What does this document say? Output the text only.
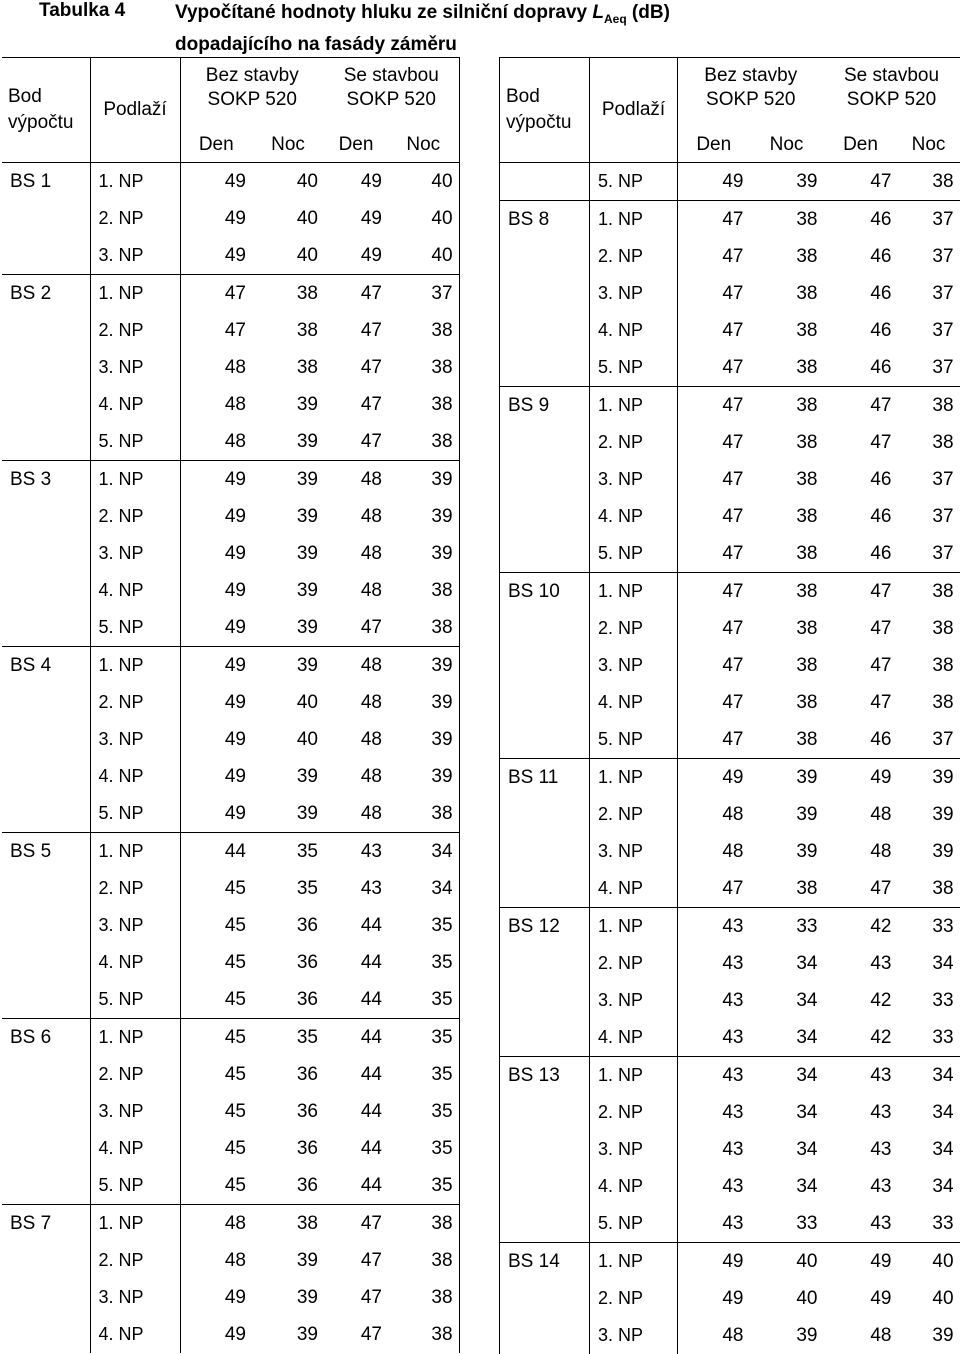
Tabulka 4	Vypočítané hodnoty hluku ze silniční dopravy $L_{Aeq}$ (dB)
dopadajícího na fasády záměru
Bod
výpočtu	Podlaží	Bez stavby
SOKP 520		Se stavbou
SOKP 520	
		Den	Noc	Den	Noc
BS 1	1. NP	49	40	49	40
	2. NP	49	40	49	40
	3. NP	49	40	49	40
BS 2	1. NP	47	38	47	37
	2. NP	47	38	47	38
	3. NP	48	38	47	38
	4. NP	48	39	47	38
	5. NP	48	39	47	38
BS 3	1. NP	49	39	48	39
	2. NP	49	39	48	39
	3. NP	49	39	48	39
	4. NP	49	39	48	38
	5. NP	49	39	47	38
BS 4	1. NP	49	39	48	39
	2. NP	49	40	48	39
	3. NP	49	40	48	39
	4. NP	49	39	48	39
	5. NP	49	39	48	38
BS 5	1. NP	44	35	43	34
	2. NP	45	35	43	34
	3. NP	45	36	44	35
	4. NP	45	36	44	35
	5. NP	45	36	44	35
BS 6	1. NP	45	35	44	35
	2. NP	45	36	44	35
	3. NP	45	36	44	35
	4. NP	45	36	44	35
	5. NP	45	36	44	35
BS 7	1. NP	48	38	47	38
	2. NP	48	39	47	38
	3. NP	49	39	47	38
	4. NP	49	39	47	38
Bod
výpočtu	Podlaží	Bez stavby
SOKP 520		Se stavbou
SOKP 520	
		Den	Noc	Den	Noc
	5. NP	49	39	47	38
BS 8	1. NP	47	38	46	37
	2. NP	47	38	46	37
	3. NP	47	38	46	37
	4. NP	47	38	46	37
	5. NP	47	38	46	37
BS 9	1. NP	47	38	47	38
	2. NP	47	38	47	38
	3. NP	47	38	46	37
	4. NP	47	38	46	37
	5. NP	47	38	46	37
BS 10	1. NP	47	38	47	38
	2. NP	47	38	47	38
	3. NP	47	38	47	38
	4. NP	47	38	47	38
	5. NP	47	38	46	37
BS 11	1. NP	49	39	49	39
	2. NP	48	39	48	39
	3. NP	48	39	48	39
	4. NP	47	38	47	38
BS 12	1. NP	43	33	42	33
	2. NP	43	34	43	34
	3. NP	43	34	42	33
	4. NP	43	34	42	33
BS 13	1. NP	43	34	43	34
	2. NP	43	34	43	34
	3. NP	43	34	43	34
	4. NP	43	34	43	34
	5. NP	43	33	43	33
BS 14	1. NP	49	40	49	40
	2. NP	49	40	49	40
	3. NP	48	39	48	39
